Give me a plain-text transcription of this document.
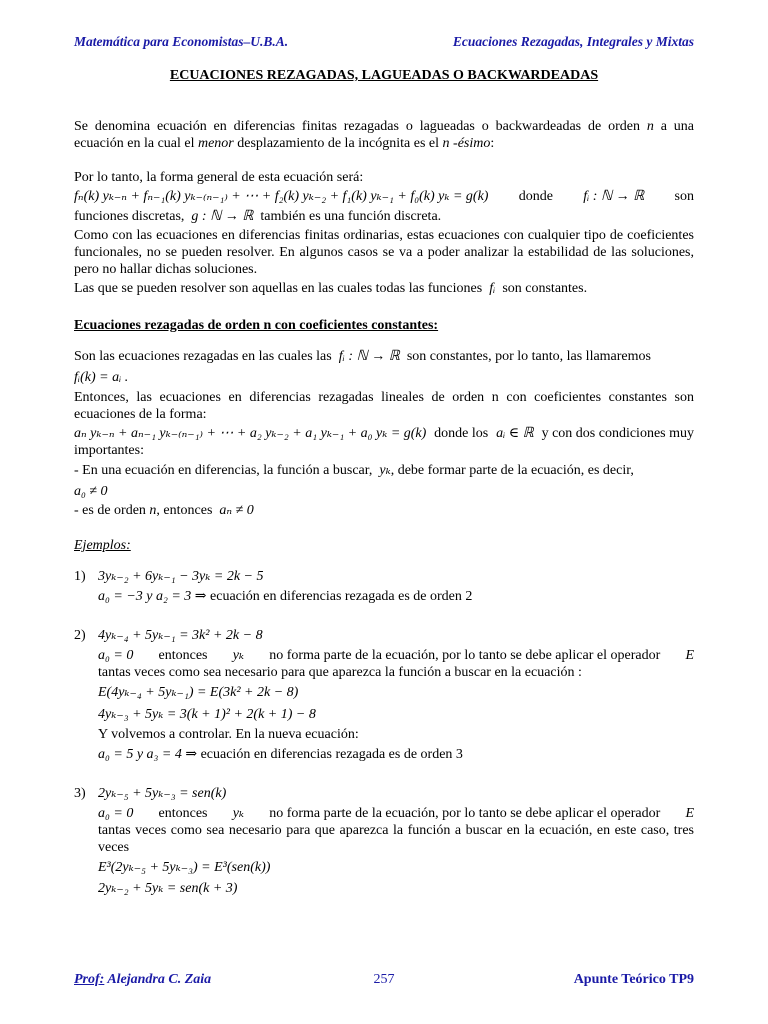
Matemática para Economistas–U.B.A.	Ecuaciones Rezagadas, Integrales y Mixtas
ECUACIONES REZAGADAS, LAGUEADAS O BACKWARDEADAS

Se denomina ecuación en diferencias finitas rezagadas o lagueadas o backwardeadas de orden n a una ecuación en la cual el menor desplazamiento de la incógnita es el n -ésimo:

Por lo tanto, la forma general de esta ecuación será:

fₙ(k) yₖ₋ₙ + fₙ₋₁(k) yₖ₋₍ₙ₋₁₎ + ⋯ + f₂(k) yₖ₋₂ + f₁(k) yₖ₋₁ + f₀(k) yₖ = g(k) donde fᵢ : ℕ → ℝ son

funciones discretas, g : ℕ → ℝ también es una función discreta.

Como con las ecuaciones en diferencias finitas ordinarias, estas ecuaciones con cualquier tipo de coeficientes funcionales, no se pueden resolver. En algunos casos se va a poder analizar la estabilidad de las soluciones, pero no hallar dichas soluciones.

Las que se pueden resolver son aquellas en las cuales todas las funciones fᵢ son constantes.

Ecuaciones rezagadas de orden n con coeficientes constantes:

Son las ecuaciones rezagadas en las cuales las fᵢ : ℕ → ℝ son constantes, por lo tanto, las llamaremos

fᵢ(k) = aᵢ .

Entonces, las ecuaciones en diferencias rezagadas lineales de orden n con coeficientes constantes son ecuaciones de la forma:

aₙ yₖ₋ₙ + aₙ₋₁ yₖ₋₍ₙ₋₁₎ + ⋯ + a₂ yₖ₋₂ + a₁ yₖ₋₁ + a₀ yₖ = g(k) donde los aᵢ ∈ ℝ y con dos condiciones muy

importantes:

- En una ecuación en diferencias, la función a buscar, yₖ, debe formar parte de la ecuación, es decir,

a₀ ≠ 0

- es de orden n, entonces aₙ ≠ 0

Ejemplos:

1) 3yₖ₋₂ + 6yₖ₋₁ − 3yₖ = 2k − 5
a₀ = −3 y a₂ = 3 ⇒ ecuación en diferencias rezagada es de orden 2
2) 4yₖ₋₄ + 5yₖ₋₁ = 3k² + 2k − 8
a₀ = 0 entonces yₖ no forma parte de la ecuación, por lo tanto se debe aplicar el operador E

tantas veces como sea necesario para que aparezca la función a buscar en la ecuación :

E(4yₖ₋₄ + 5yₖ₋₁) = E(3k² + 2k − 8)

4yₖ₋₃ + 5yₖ = 3(k + 1)² + 2(k + 1) − 8

Y volvemos a controlar. En la nueva ecuación:

a₀ = 5 y a₃ = 4 ⇒ ecuación en diferencias rezagada es de orden 3
3) 2yₖ₋₅ + 5yₖ₋₃ = sen(k)
a₀ = 0 entonces yₖ no forma parte de la ecuación, por lo tanto se debe aplicar el operador E

tantas veces como sea necesario para que aparezca la función a buscar en la ecuación, en este caso, tres veces

E³(2yₖ₋₅ + 5yₖ₋₃) = E³(sen(k))

2yₖ₋₂ + 5yₖ = sen(k + 3)

Prof: Alejandra C. Zaia	257	Apunte Teórico TP9
